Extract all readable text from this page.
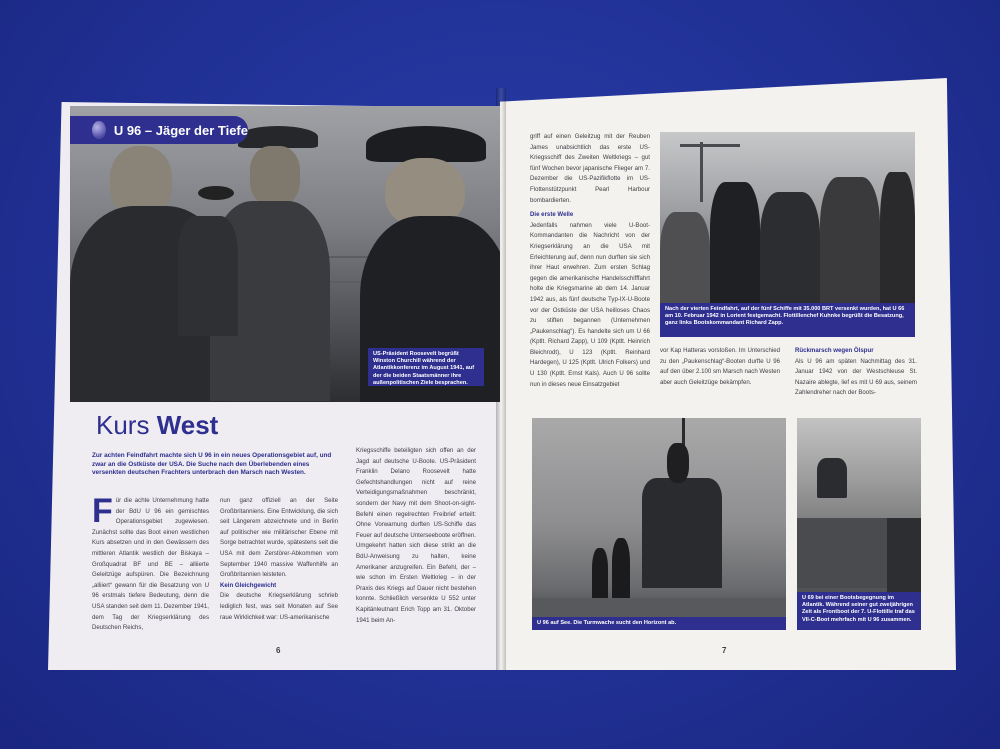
U 96 – Jäger der Tiefe
US-Präsident Roosevelt begrüßt Winston Churchill während der Atlantikkonferenz im August 1941, auf der die beiden Staatsmänner ihre außenpolitischen Ziele besprachen.
Kurs West
Zur achten Feindfahrt machte sich U 96 in ein neues Operationsgebiet auf, und zwar an die Ostküste der USA. Die Suche nach den Überlebenden eines versenkten deutschen Frachters unterbrach den Marsch nach Westen.
Für die achte Unternehmung hatte der BdU U 96 ein gemischtes Operationsgebiet zugewiesen. Zunächst sollte das Boot einen westlichen Kurs absetzen und in den Gewässern des mittleren Atlantik westlich der Biskaya – Großquadrat BF und BE – alliierte Geleitzüge aufspüren. Die Bezeichnung „alliiert“ gewann für die Besatzung von U 96 erstmals tiefere Bedeutung, denn die USA standen seit dem 11. Dezember 1941, dem Tag der Kriegserklärung des Deutschen Reichs,

nun ganz offiziell an der Seite Großbritanniens. Eine Entwicklung, die sich seit Längerem abzeichnete und in Berlin auf politischer wie militärischer Ebene mit Sorge betrachtet wurde, spätestens seit die USA mit dem Zerstörer-Abkommen vom September 1940 massive Waffenhilfe an Großbritannien leisteten.

Kein Gleichgewicht

Die deutsche Kriegserklärung schrieb lediglich fest, was seit Monaten auf See raue Wirklichkeit war: US-amerikanische

Kriegsschiffe beteiligten sich offen an der Jagd auf deutsche U-Boote. US-Präsident Franklin Delano Roosevelt hatte Gefechtshandlungen nicht auf reine Verteidigungsmaßnahmen beschränkt, sondern der Navy mit dem Shoot-on-sight-Befehl einen regelrechten Freibrief erteilt: Ohne Vorwarnung durften US-Schiffe das Feuer auf deutsche Unterseeboote eröffnen. Umgekehrt hatten sich diese strikt an die BdU-Anweisung zu halten, keine Amerikaner anzugreifen. Ein Befehl, der – wie schon im Ersten Weltkrieg – in der Praxis des Kriegs auf Dauer nicht bestehen konnte. Schließlich versenkte U 552 unter Kapitänleutnant Erich Topp am 31. Oktober 1941 beim An-
6

griff auf einen Geleitzug mit der Reuben James unabsichtlich das erste US-Kriegsschiff des Zweiten Weltkriegs – gut fünf Wochen bevor japanische Flieger am 7. Dezember die US-Pazifikflotte im US-Flottenstützpunkt Pearl Harbour bombardierten.

Die erste Welle

Jedenfalls nahmen viele U-Boot-Kommandanten die Nachricht von der Kriegserklärung an die USA mit Erleichterung auf, denn nun durften sie sich ihrer Haut erwehren. Zum ersten Schlag gegen die amerikanische Handelsschifffahrt holte die Kriegsmarine ab dem 14. Januar 1942 aus, als fünf deutsche Typ-IX-U-Boote vor der Ostküste der USA heilloses Chaos zu stiften begannen (Unternehmen „Paukenschlag“). Es handelte sich um U 66 (Kptlt. Richard Zapp), U 109 (Kptlt. Heinrich Bleichrodt), U 123 (Kptlt. Reinhard Hardegen), U 125 (Kptlt. Ulrich Folkers) und U 130 (Kptlt. Ernst Kals). Auch U 96 sollte nun in dieses neue Einsatzgebiet

Nach der vierten Feindfahrt, auf der fünf Schiffe mit 35.000 BRT versenkt wurden, hat U 66 am 10. Februar 1942 in Lorient festgemacht. Flottillenchef Kuhnke begrüßt die Besatzung, ganz links Bootskommandant Richard Zapp.
vor Kap Hatteras vorstoßen. Im Unterschied zu den „Paukenschlag“-Booten durfte U 96 auf den über 2.100 sm Marsch nach Westen aber auch Geleitzüge bekämpfen.
Rückmarsch wegen Ölspur
Als U 96 am späten Nachmittag des 31. Januar 1942 von der Westschleuse St. Nazaire ablegte, lief es mit U 69 aus, seinem Zahlendreher nach der Boots-
U 96 auf See. Die Turmwache sucht den Horizont ab.
U 69 bei einer Bootsbegegnung im Atlantik. Während seiner gut zweijährigen Zeit als Frontboot der 7. U-Flottille traf das VII-C-Boot mehrfach mit U 96 zusammen.
7
